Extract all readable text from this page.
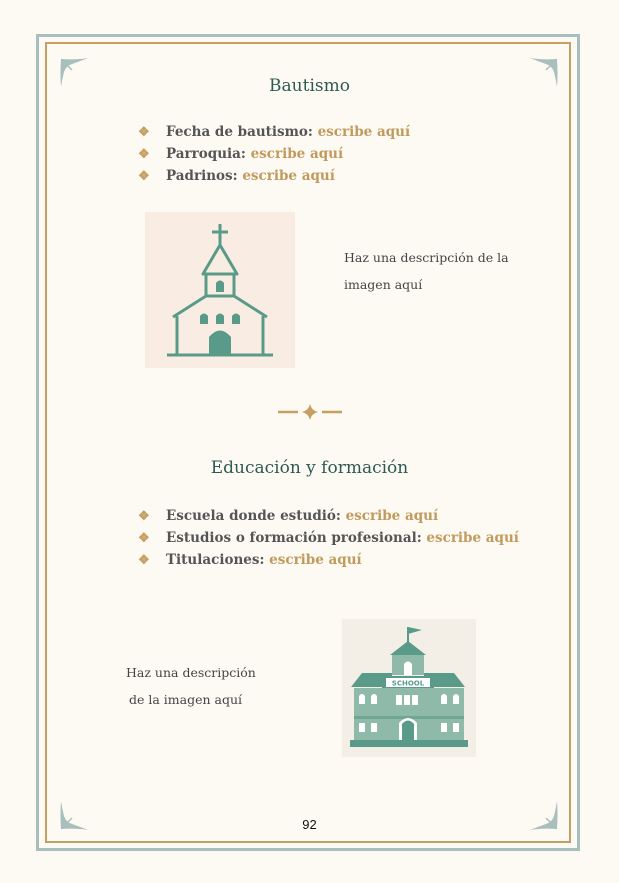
Bautismo
❖ Fecha de bautismo: escribe aquí
❖ Parroquia: escribe aquí
❖ Padrinos: escribe aquí
Haz una descripción de la
imagen aquí
Educación y formación
❖ Escuela donde estudió: escribe aquí
❖ Estudios o formación profesional: escribe aquí
❖ Titulaciones: escribe aquí
Haz una descripción
de la imagen aquí
SCHOOL
92
